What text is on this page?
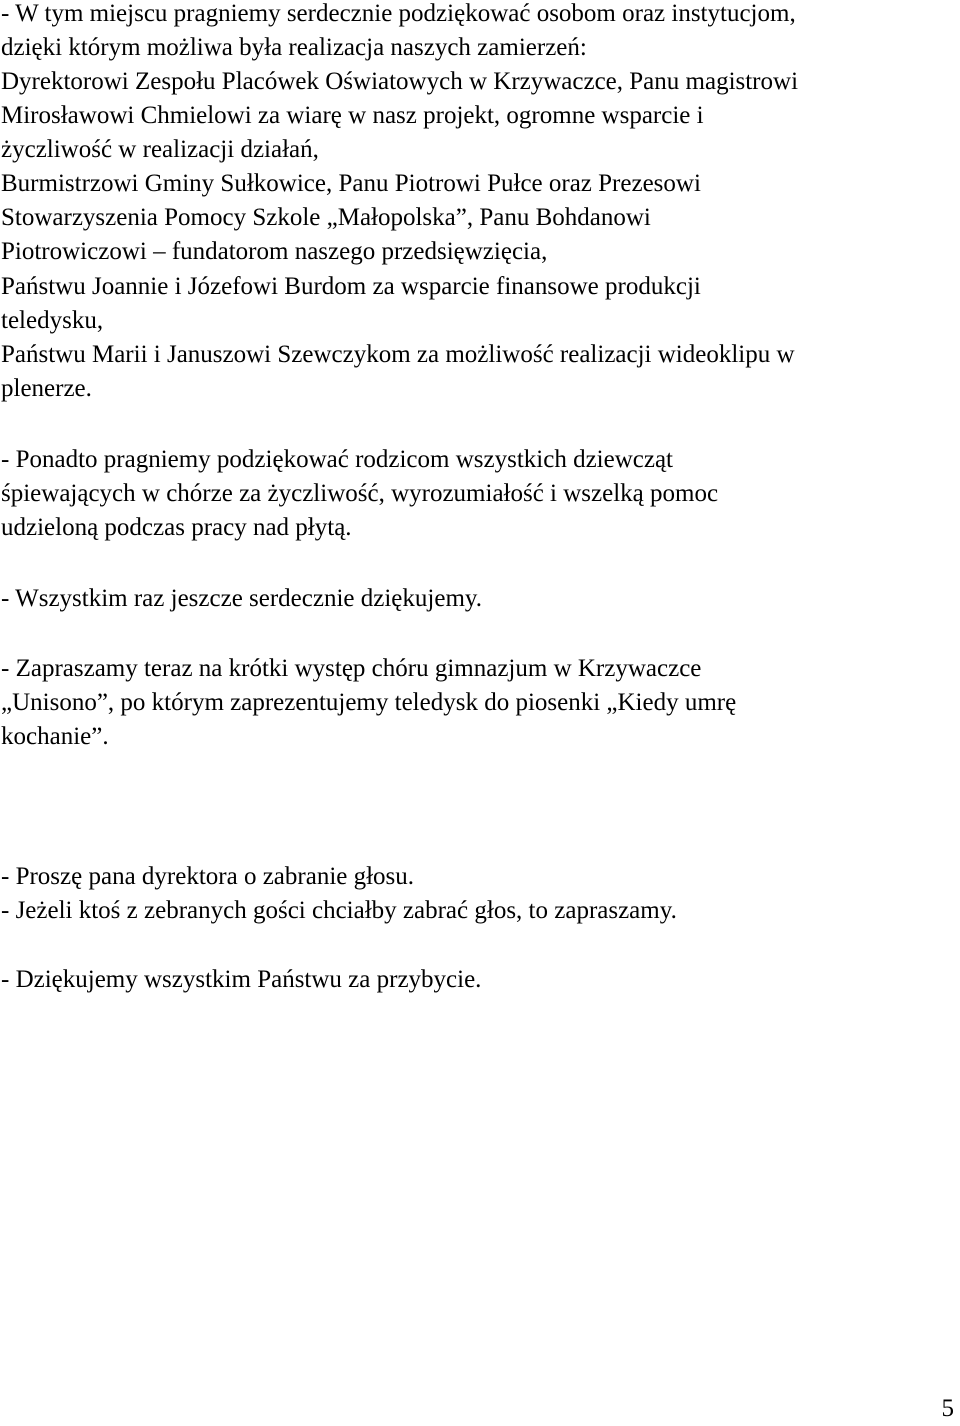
- W tym miejscu pragniemy serdecznie podziękować osobom oraz instytucjom,
dzięki którym możliwa była realizacja naszych zamierzeń:
Dyrektorowi Zespołu Placówek Oświatowych w Krzywaczce, Panu magistrowi
Mirosławowi Chmielowi za wiarę w nasz projekt, ogromne wsparcie i
życzliwość w realizacji działań,
Burmistrzowi Gminy Sułkowice, Panu Piotrowi Pułce oraz Prezesowi
Stowarzyszenia Pomocy Szkole „Małopolska”, Panu Bohdanowi
Piotrowiczowi – fundatorom naszego przedsięwzięcia,
Państwu Joannie i Józefowi Burdom za wsparcie finansowe produkcji
teledysku,
Państwu Marii i Januszowi Szewczykom za możliwość realizacji wideoklipu w
plenerze.
- Ponadto pragniemy podziękować rodzicom wszystkich dziewcząt
śpiewających w chórze za życzliwość, wyrozumiałość i wszelką pomoc
udzieloną podczas pracy nad płytą.
- Wszystkim raz jeszcze serdecznie dziękujemy.
- Zapraszamy teraz na krótki występ chóru gimnazjum w Krzywaczce
„Unisono”, po którym zaprezentujemy teledysk do piosenki „Kiedy umrę
kochanie”.
- Proszę pana dyrektora o zabranie głosu.
- Jeżeli ktoś z zebranych gości chciałby zabrać głos, to zapraszamy.
- Dziękujemy wszystkim Państwu za przybycie.
5
